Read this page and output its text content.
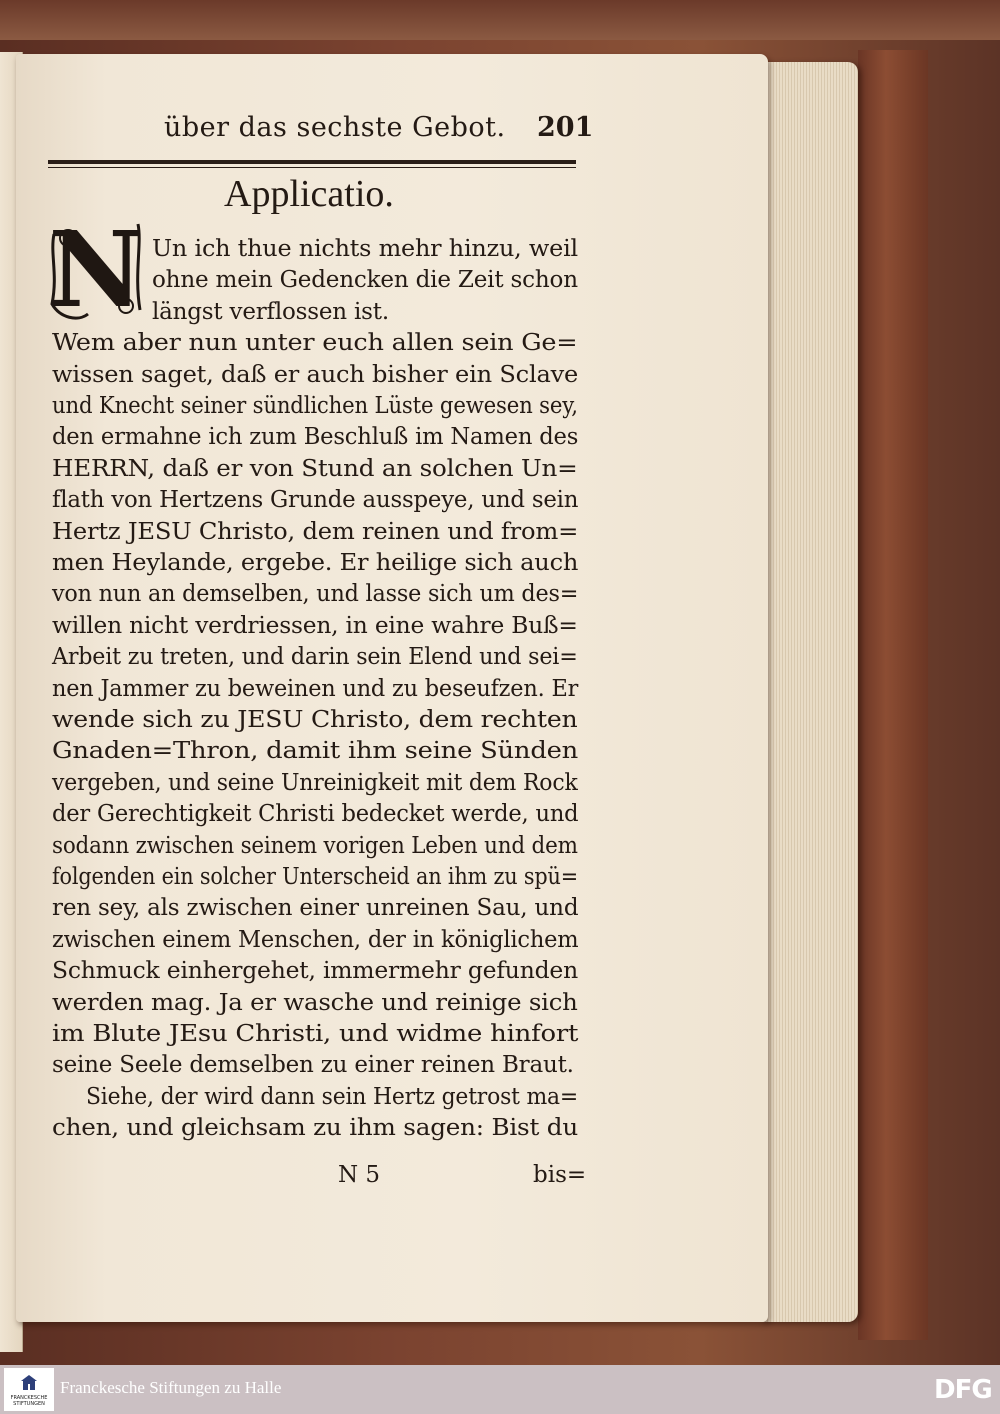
über das sechste Gebot. 201
Applicatio.
N Un ich thue nichts mehr hinzu, weil
ohne mein Gedencken die Zeit schon
längst verflossen ist.
Wem aber nun unter euch allen sein Ge=
wissen saget, daß er auch bisher ein Sclave
und Knecht seiner sündlichen Lüste gewesen sey,
den ermahne ich zum Beschluß im Namen des
HERRN, daß er von Stund an solchen Un=
flath von Hertzens Grunde ausspeye, und sein
Hertz JESU Christo, dem reinen und from=
men Heylande, ergebe. Er heilige sich auch
von nun an demselben, und lasse sich um des=
willen nicht verdriessen, in eine wahre Buß=
Arbeit zu treten, und darin sein Elend und sei=
nen Jammer zu beweinen und zu beseufzen. Er
wende sich zu JESU Christo, dem rechten
Gnaden=Thron, damit ihm seine Sünden
vergeben, und seine Unreinigkeit mit dem Rock
der Gerechtigkeit Christi bedecket werde, und
sodann zwischen seinem vorigen Leben und dem
folgenden ein solcher Unterscheid an ihm zu spü=
ren sey, als zwischen einer unreinen Sau, und
zwischen einem Menschen, der in königlichem
Schmuck einhergehet, immermehr gefunden
werden mag. Ja er wasche und reinige sich
im Blute JEsu Christi, und widme hinfort
seine Seele demselben zu einer reinen Braut.
Siehe, der wird dann sein Hertz getrost ma=
chen, und gleichsam zu ihm sagen: Bist du
N 5	bis=
FRANCKESCHE STIFTUNGEN
Franckesche Stiftungen zu Halle	DFG
